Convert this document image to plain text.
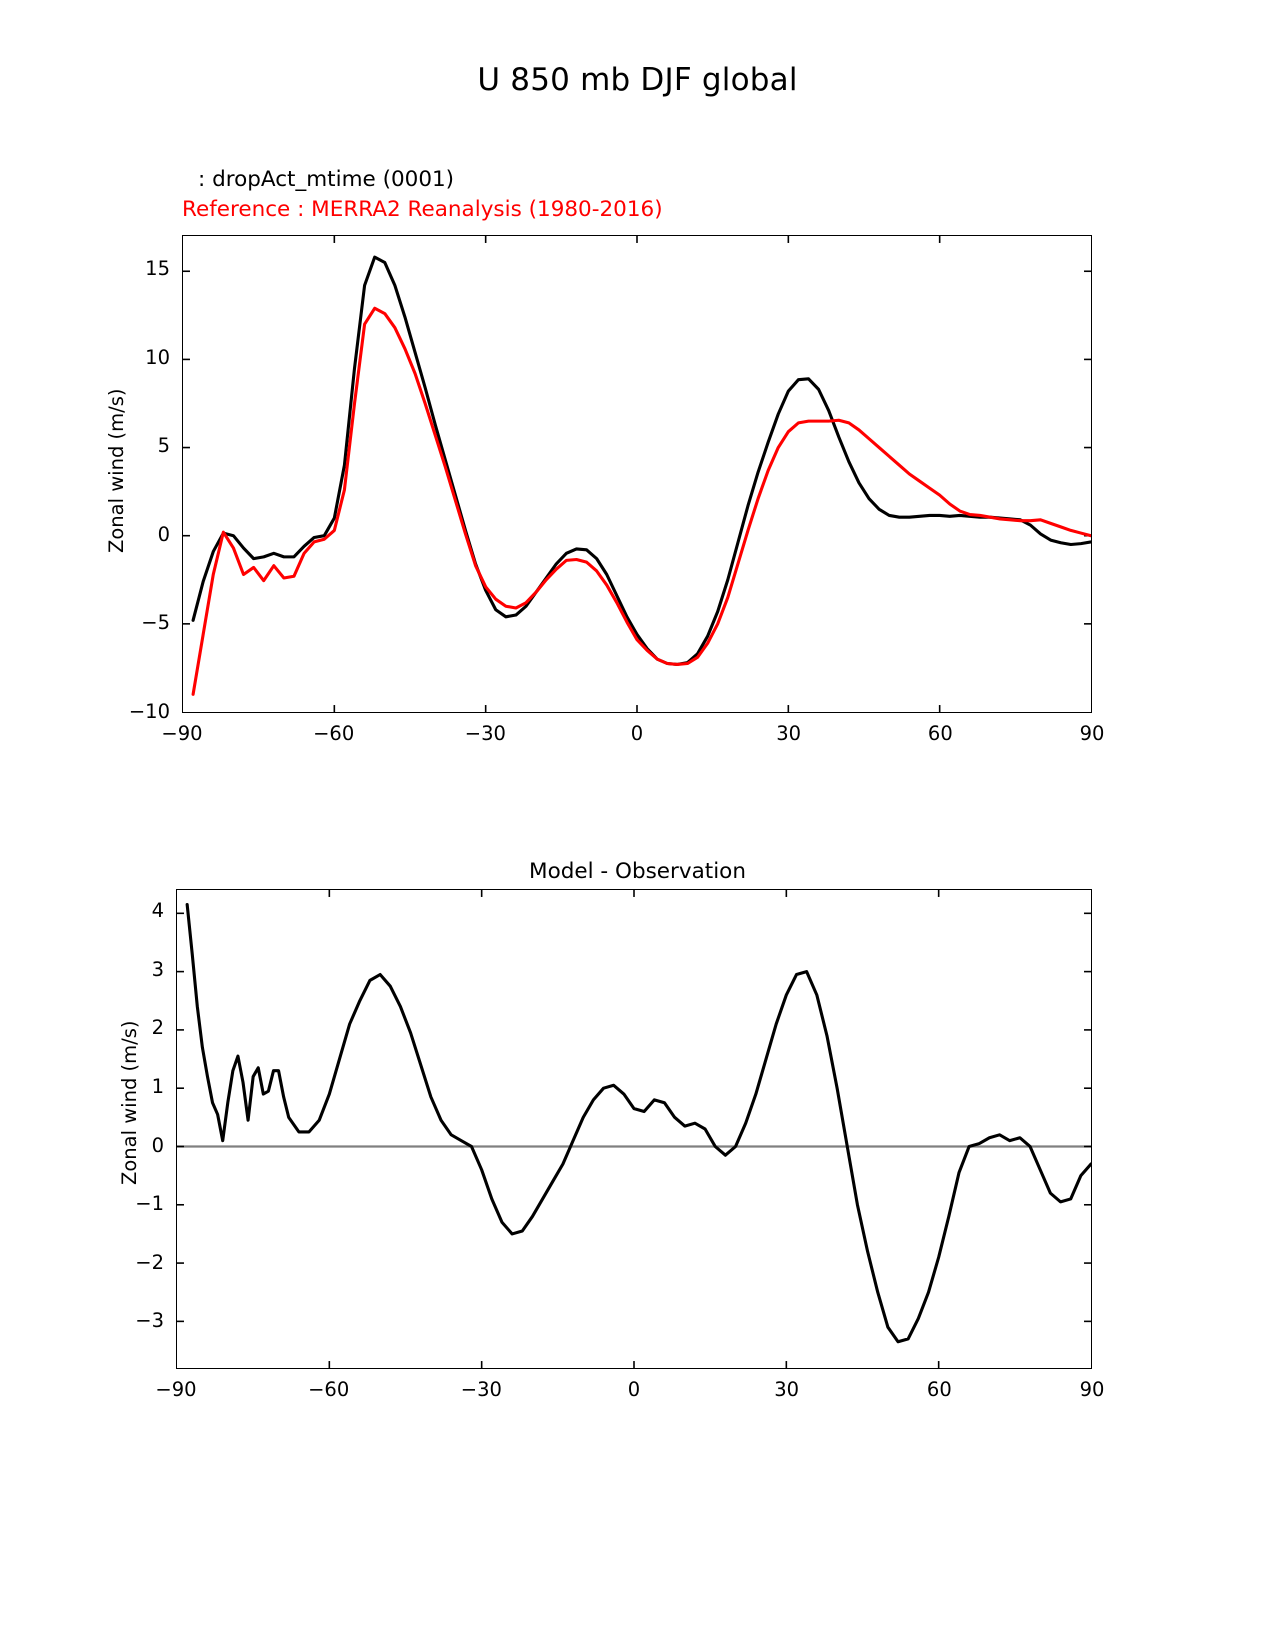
U 850 mb DJF global
: dropAct_mtime (0001)
Reference : MERRA2 Reanalysis (1980-2016)
Zonal wind (m/s)
−90	−60	−30	0	30	60	90
−10
−5
0
5
10
15
Model - Observation
Zonal wind (m/s)
−90	−60	−30	0	30	60	90
−3
−2
−1
0
1
2
3
4
